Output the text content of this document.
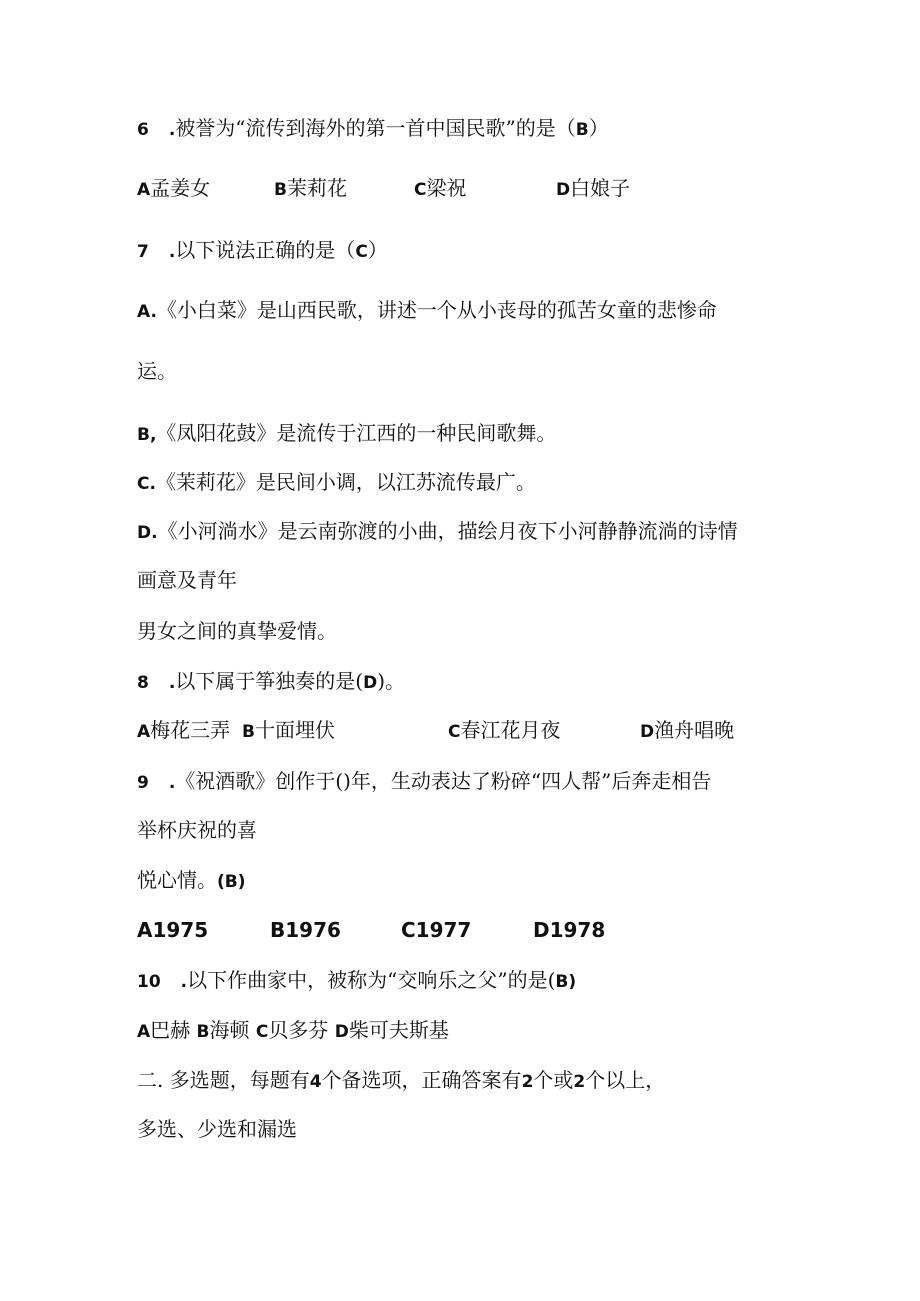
6 .被誉为“流传到海外的第一首中国民歌”的是（B）
A孟姜女	B茉莉花	C梁祝	D白娘子
7 .以下说法正确的是（C）
A.《小白菜》是山西民歌，讲述一个从小丧母的孤苦女童的悲惨命
运。
B,《凤阳花鼓》是流传于江西的一种民间歌舞。
C.《茉莉花》是民间小调，以江苏流传最广。
D.《小河淌水》是云南弥渡的小曲，描绘月夜下小河静静流淌的诗情
画意及青年
男女之间的真挚爱情。
8 .以下属于筝独奏的是(D)。
A梅花三弄 B十面埋伏	C春江花月夜	D渔舟唱晚
9 .《祝酒歌》创作于()年，生动表达了粉碎“四人帮”后奔走相告
举杯庆祝的喜
悦心情。(B)
A1975	B1976	C1977	D1978
10 .以下作曲家中，被称为“交响乐之父”的是(B)
A巴赫 B海顿 C贝多芬 D柴可夫斯基
二. 多选题，每题有4个备选项，正确答案有2个或2个以上，
多选、少选和漏选
